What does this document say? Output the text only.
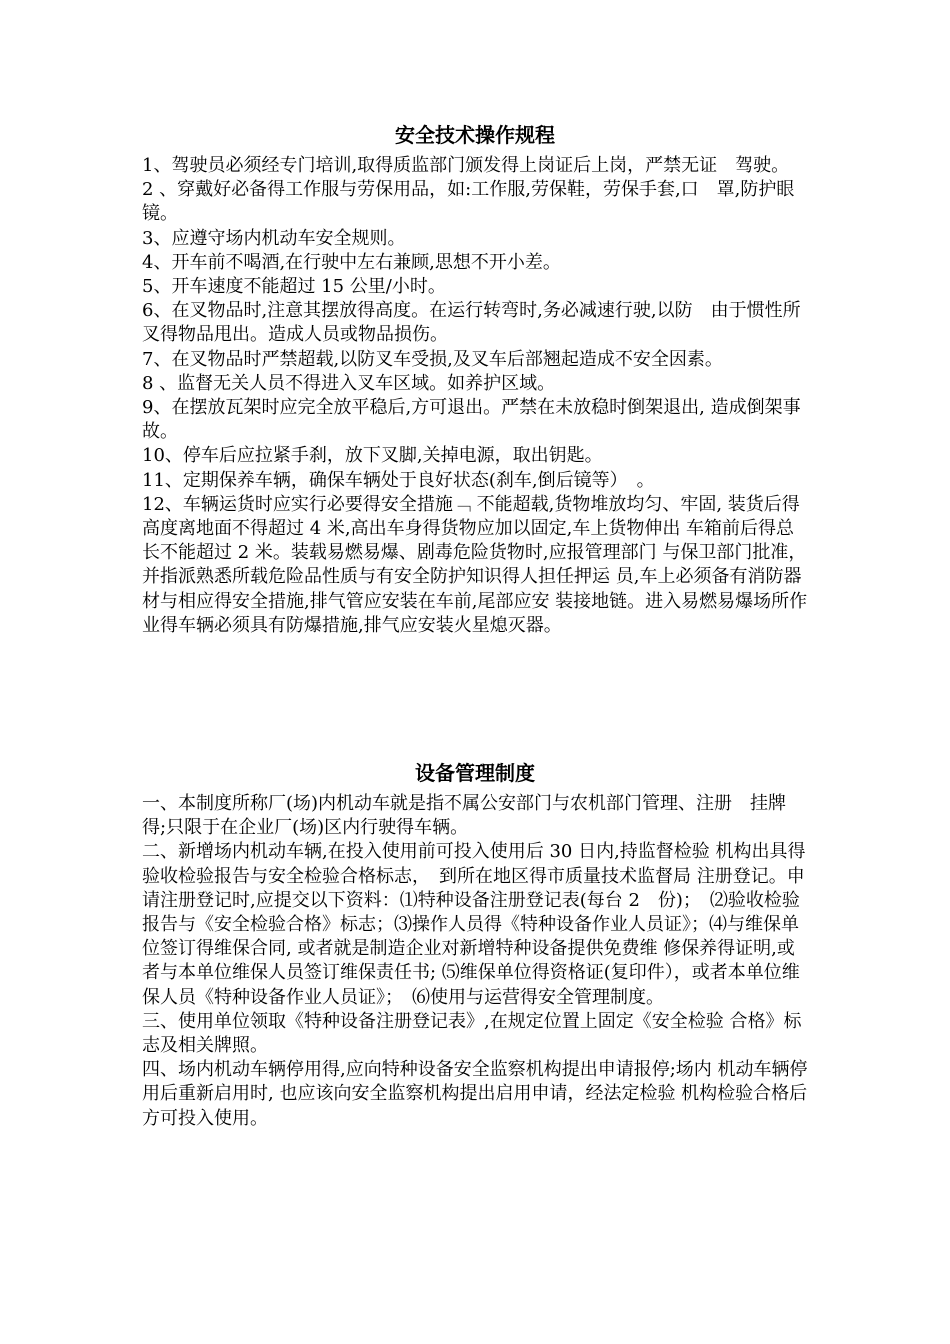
安全技术操作规程

1、驾驶员必须经专门培训,取得质监部门颁发得上岗证后上岗，严禁无证　驾驶。　2 、穿戴好必备得工作服与劳保用品，如:工作服,劳保鞋，劳保手套,口　罩,防护眼镜。

3、应遵守场内机动车安全规则。

4、开车前不喝酒,在行驶中左右兼顾,思想不开小差。

5、开车速度不能超过 15 公里/小时。

6、在叉物品时,注意其摆放得高度。在运行转弯时,务必减速行驶,以防　由于惯性所叉得物品甩出。造成人员或物品损伤。

7、在叉物品时严禁超载,以防叉车受损,及叉车后部翘起造成不安全因素。

8 、监督无关人员不得进入叉车区域。如养护区域。

9、在摆放瓦架时应完全放平稳后,方可退出。严禁在未放稳时倒架退出, 造成倒架事故。

10、停车后应拉紧手刹，放下叉脚,关掉电源，取出钥匙。

11、定期保养车辆，确保车辆处于良好状态(刹车,倒后镜等）　。

12、车辆运货时应实行必要得安全措施﹁ 不能超载,货物堆放均匀、牢固, 装货后得高度离地面不得超过 4 米,高出车身得货物应加以固定,车上货物伸出 车箱前后得总长不能超过 2 米。装载易燃易爆、剧毒危险货物时,应报管理部门 与保卫部门批准，并指派熟悉所载危险品性质与有安全防护知识得人担任押运 员,车上必须备有消防器材与相应得安全措施,排气管应安装在车前,尾部应安 装接地链。进入易燃易爆场所作业得车辆必须具有防爆措施,排气应安装火星熄灭器。

设备管理制度

一、本制度所称厂(场)内机动车就是指不属公安部门与农机部门管理、注册　挂牌得;只限于在企业厂(场)区内行驶得车辆。

二、新增场内机动车辆,在投入使用前可投入使用后 30 日内,持监督检验 机构出具得验收检验报告与安全检验合格标志，　到所在地区得市质量技术监督局 注册登记。申请注册登记时,应提交以下资料：⑴特种设备注册登记表(每台 2　份)；　⑵验收检验报告与《安全检验合格》标志；⑶操作人员得《特种设备作业人员证》；⑷与维保单位签订得维保合同, 或者就是制造企业对新增特种设备提供免费维 修保养得证明,或者与本单位维保人员签订维保责任书; ⑸维保单位得资格证(复印件），或者本单位维保人员《特种设备作业人员证》；　⑹使用与运营得安全管理制度。

三、使用单位领取《特种设备注册登记表》,在规定位置上固定《安全检验 合格》标志及相关牌照。

四、场内机动车辆停用得,应向特种设备安全监察机构提出申请报停;场内 机动车辆停用后重新启用时, 也应该向安全监察机构提出启用申请，经法定检验 机构检验合格后方可投入使用。
